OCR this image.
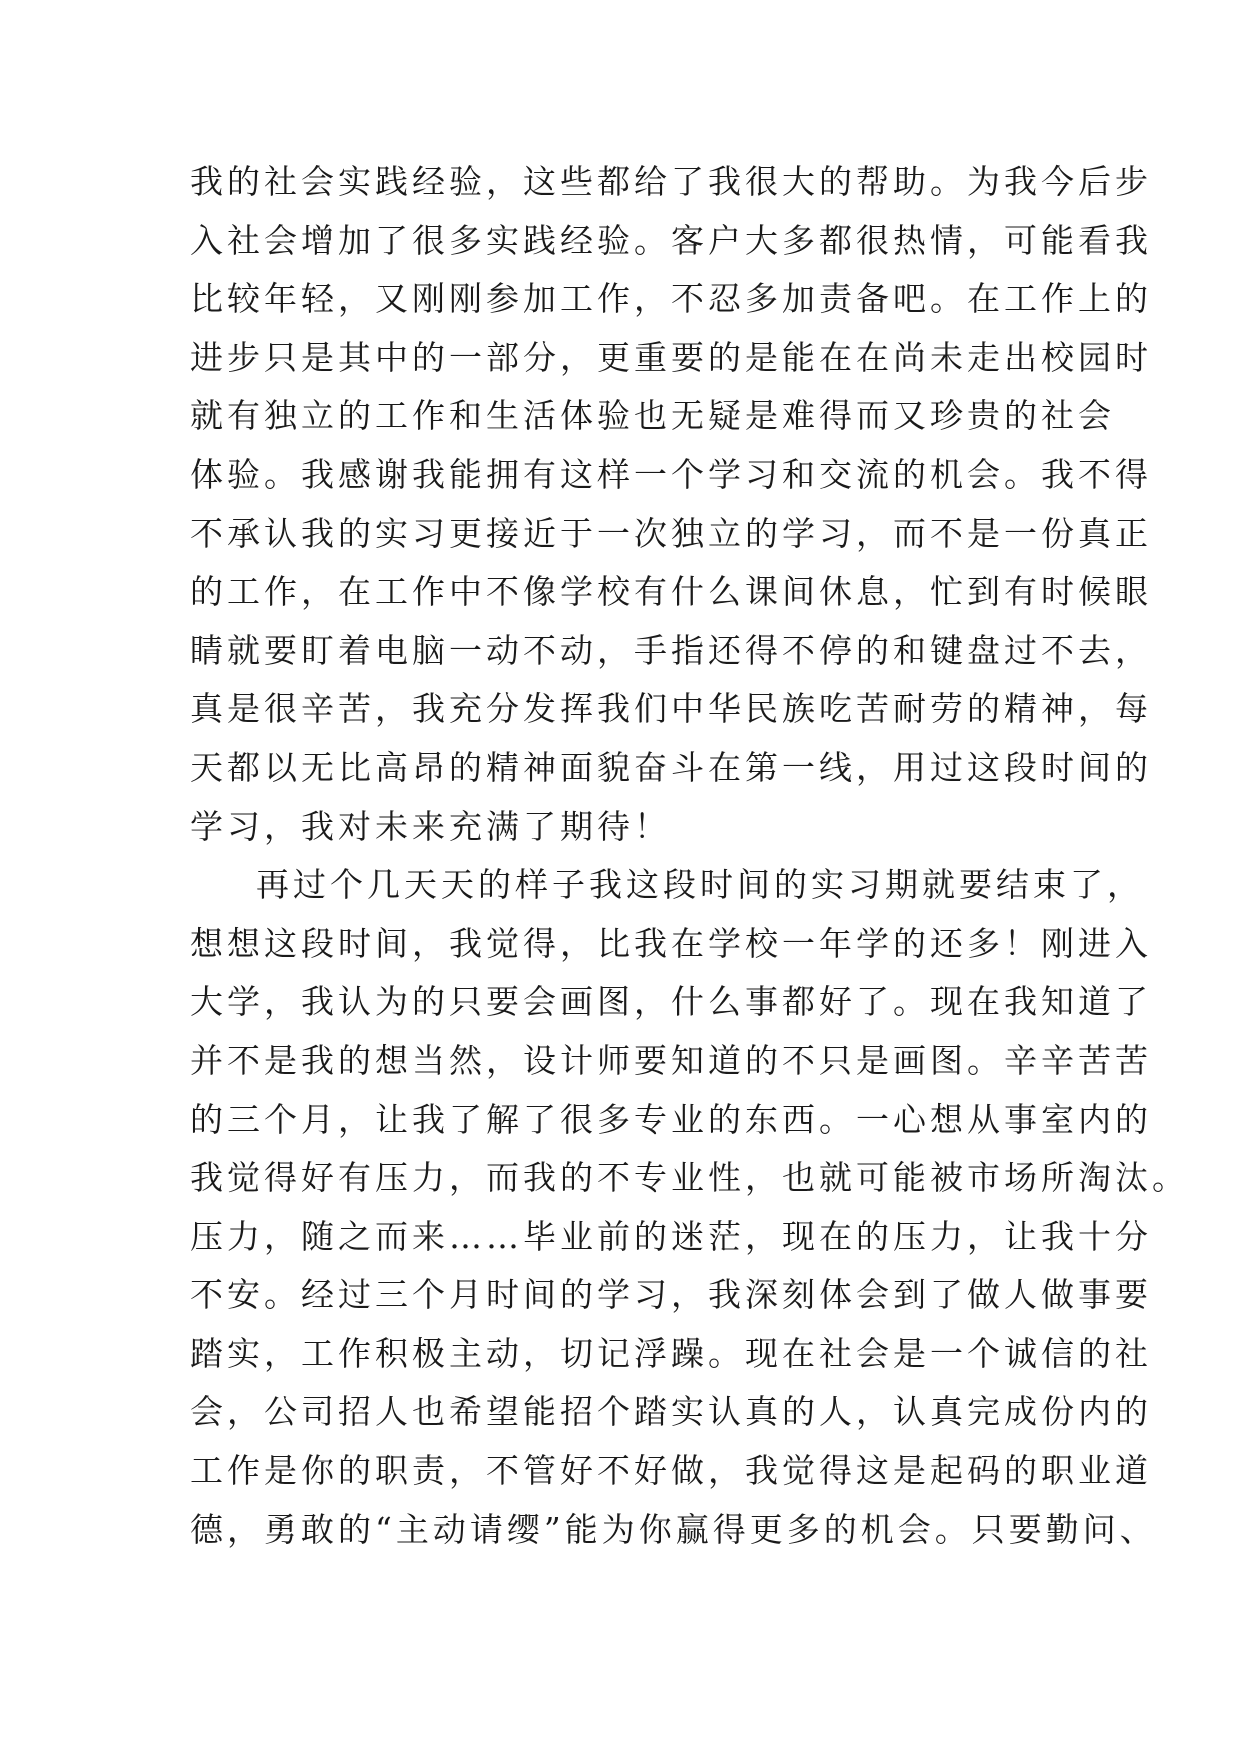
我的社会实践经验，这些都给了我很大的帮助。为我今后步
入社会增加了很多实践经验。客户大多都很热情，可能看我
比较年轻，又刚刚参加工作，不忍多加责备吧。在工作上的
进步只是其中的一部分，更重要的是能在在尚未走出校园时
就有独立的工作和生活体验也无疑是难得而又珍贵的社会
体验。我感谢我能拥有这样一个学习和交流的机会。我不得
不承认我的实习更接近于一次独立的学习，而不是一份真正
的工作，在工作中不像学校有什么课间休息，忙到有时候眼
睛就要盯着电脑一动不动，手指还得不停的和键盘过不去，
真是很辛苦，我充分发挥我们中华民族吃苦耐劳的精神，每
天都以无比高昂的精神面貌奋斗在第一线，用过这段时间的
学习，我对未来充满了期待！
再过个几天天的样子我这段时间的实习期就要结束了，
想想这段时间，我觉得，比我在学校一年学的还多！刚进入
大学，我认为的只要会画图，什么事都好了。现在我知道了
并不是我的想当然，设计师要知道的不只是画图。辛辛苦苦
的三个月，让我了解了很多专业的东西。一心想从事室内的
我觉得好有压力，而我的不专业性，也就可能被市场所淘汰。
压力，随之而来……毕业前的迷茫，现在的压力，让我十分
不安。经过三个月时间的学习，我深刻体会到了做人做事要
踏实，工作积极主动，切记浮躁。现在社会是一个诚信的社
会，公司招人也希望能招个踏实认真的人，认真完成份内的
工作是你的职责，不管好不好做，我觉得这是起码的职业道
德，勇敢的“主动请缨”能为你赢得更多的机会。只要勤问、
